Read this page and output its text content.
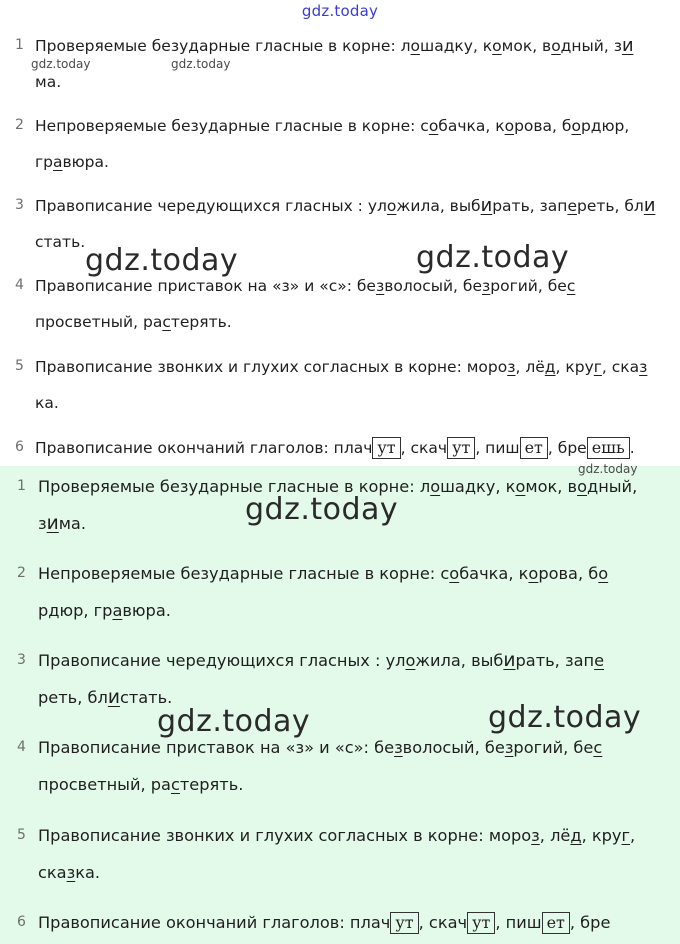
gdz.today
1 Проверяемые безударные гласные в корне: лошадку, комок, водный, зи
ма.
2 Непроверяемые безударные гласные в корне: собачка, корова, бордюр,
гравюра.
3 Правописание чередующихся гласных : уложила, выбирать, запереть, бли
стать.
4 Правописание приставок на «з» и «с»: безволосый, безрогий, бес
просветный, растерять.
5 Правописание звонких и глухих согласных в корне: мороз, лёд, круг, сказ
ка.
6 Правописание окончаний глаголов: плач ут , скач ут , пиш ет , бре ешь .
1 Проверяемые безударные гласные в корне: лошадку, комок, водный,
зима.
2 Непроверяемые безударные гласные в корне: собачка, корова, бо
рдюр, гравюра.
3 Правописание чередующихся гласных : уложила, выбирать, запе
реть, блистать.
4 Правописание приставок на «з» и «с»: безволосый, безрогий, бес
просветный, растерять.
5 Правописание звонких и глухих согласных в корне: мороз, лёд, круг,
сказка.
6 Правописание окончаний глаголов: плач ут , скач ут , пиш ет , бре
gdz.today	gdz.today
gdz.today	gdz.today
gdz.today
gdz.today
gdz.today	gdz.today
